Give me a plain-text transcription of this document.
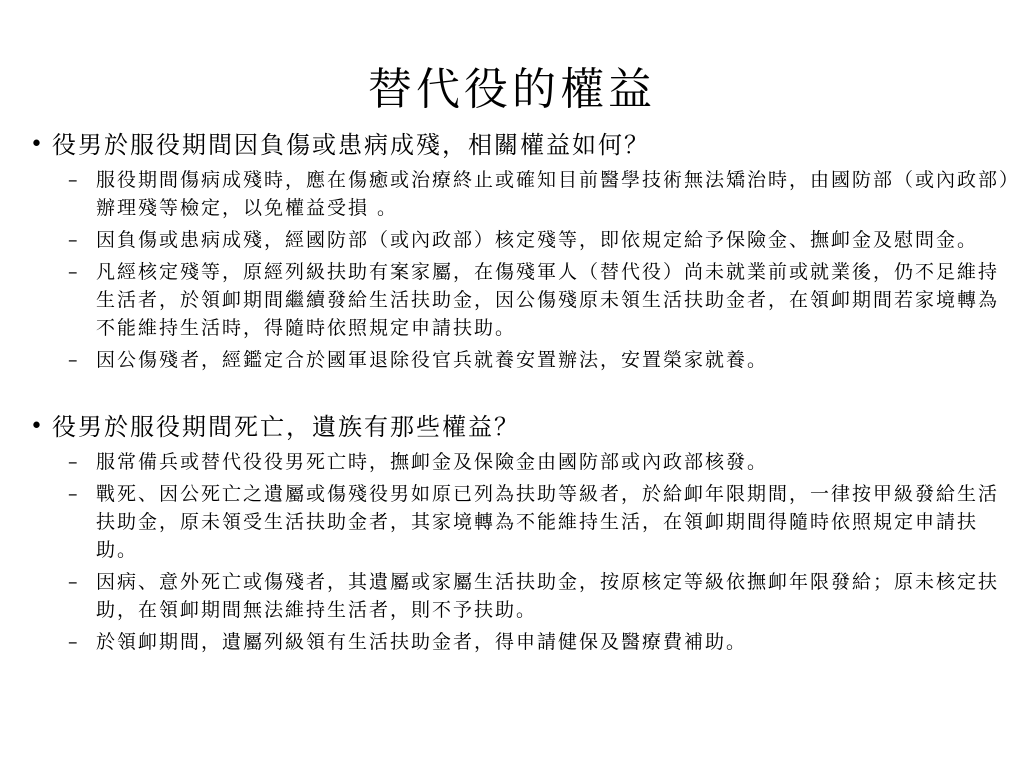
替代役的權益
• 役男於服役期間因負傷或患病成殘，相關權益如何？
– 服役期間傷病成殘時，應在傷癒或治療終止或確知目前醫學技術無法矯治時，由國防部（或內政部）辦理殘等檢定，以免權益受損 。
– 因負傷或患病成殘，經國防部（或內政部）核定殘等，即依規定給予保險金、撫卹金及慰問金。
– 凡經核定殘等，原經列級扶助有案家屬，在傷殘軍人（替代役）尚未就業前或就業後，仍不足維持生活者，於領卹期間繼續發給生活扶助金，因公傷殘原未領生活扶助金者，在領卹期間若家境轉為不能維持生活時，得隨時依照規定申請扶助。
– 因公傷殘者，經鑑定合於國軍退除役官兵就養安置辦法，安置榮家就養。
• 役男於服役期間死亡，遺族有那些權益？
– 服常備兵或替代役役男死亡時，撫卹金及保險金由國防部或內政部核發。
– 戰死、因公死亡之遺屬或傷殘役男如原已列為扶助等級者，於給卹年限期間，一律按甲級發給生活扶助金，原未領受生活扶助金者，其家境轉為不能維持生活，在領卹期間得隨時依照規定申請扶助。
– 因病、意外死亡或傷殘者，其遺屬或家屬生活扶助金，按原核定等級依撫卹年限發給；原未核定扶助，在領卹期間無法維持生活者，則不予扶助。
– 於領卹期間，遺屬列級領有生活扶助金者，得申請健保及醫療費補助。
